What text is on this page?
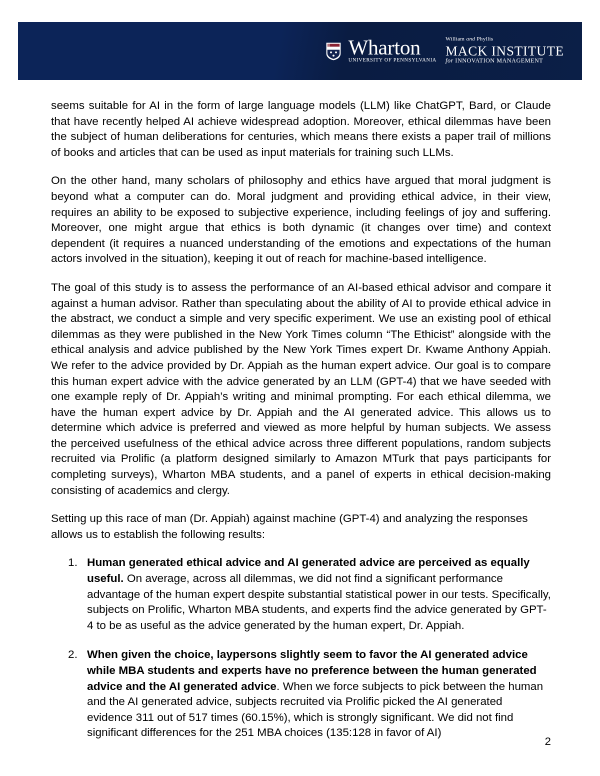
Wharton
UNIVERSITY OF PENNSYLVANIA
William and Phyllis
MACK INSTITUTE
for INNOVATION MANAGEMENT

seems suitable for AI in the form of large language models (LLM) like ChatGPT, Bard, or Claude that have recently helped AI achieve widespread adoption. Moreover, ethical dilemmas have been the subject of human deliberations for centuries, which means there exists a paper trail of millions of books and articles that can be used as input materials for training such LLMs.

On the other hand, many scholars of philosophy and ethics have argued that moral judgment is beyond what a computer can do. Moral judgment and providing ethical advice, in their view, requires an ability to be exposed to subjective experience, including feelings of joy and suffering. Moreover, one might argue that ethics is both dynamic (it changes over time) and context dependent (it requires a nuanced understanding of the emotions and expectations of the human actors involved in the situation), keeping it out of reach for machine-based intelligence.

The goal of this study is to assess the performance of an AI-based ethical advisor and compare it against a human advisor. Rather than speculating about the ability of AI to provide ethical advice in the abstract, we conduct a simple and very specific experiment. We use an existing pool of ethical dilemmas as they were published in the New York Times column “The Ethicist” alongside with the ethical analysis and advice published by the New York Times expert Dr. Kwame Anthony Appiah. We refer to the advice provided by Dr. Appiah as the human expert advice. Our goal is to compare this human expert advice with the advice generated by an LLM (GPT-4) that we have seeded with one example reply of Dr. Appiah’s writing and minimal prompting. For each ethical dilemma, we have the human expert advice by Dr. Appiah and the AI generated advice. This allows us to determine which advice is preferred and viewed as more helpful by human subjects. We assess the perceived usefulness of the ethical advice across three different populations, random subjects recruited via Prolific (a platform designed similarly to Amazon MTurk that pays participants for completing surveys), Wharton MBA students, and a panel of experts in ethical decision-making consisting of academics and clergy.

Setting up this race of man (Dr. Appiah) against machine (GPT-4) and analyzing the responses allows us to establish the following results:

Human generated ethical advice and AI generated advice are perceived as equally useful. On average, across all dilemmas, we did not find a significant performance advantage of the human expert despite substantial statistical power in our tests. Specifically, subjects on Prolific, Wharton MBA students, and experts find the advice generated by GPT-4 to be as useful as the advice generated by the human expert, Dr. Appiah.
When given the choice, laypersons slightly seem to favor the AI generated advice while MBA students and experts have no preference between the human generated advice and the AI generated advice. When we force subjects to pick between the human and the AI generated advice, subjects recruited via Prolific picked the AI generated evidence 311 out of 517 times (60.15%), which is strongly significant. We did not find significant differences for the 251 MBA choices (135:128 in favor of AI)
2
